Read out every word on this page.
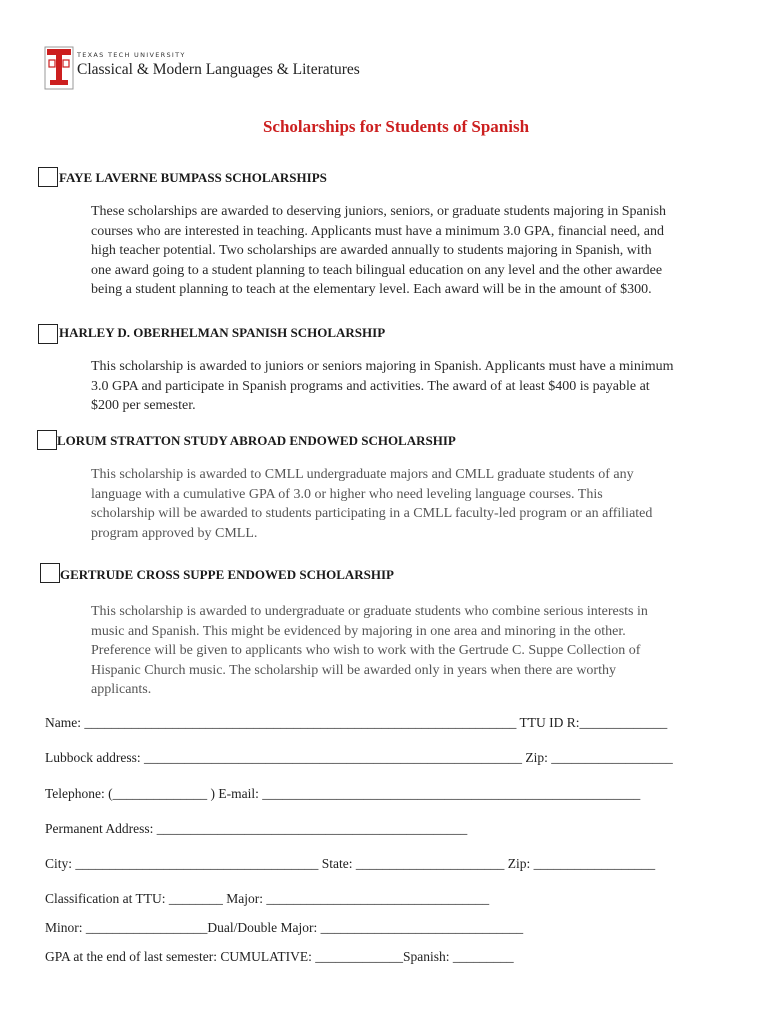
TEXAS TECH UNIVERSITY
Classical & Modern Languages & Literatures
Scholarships for Students of Spanish
FAYE LAVERNE BUMPASS SCHOLARSHIPS
These scholarships are awarded to deserving juniors, seniors, or graduate students majoring in Spanish
courses who are interested in teaching. Applicants must have a minimum 3.0 GPA, financial need, and
high teacher potential. Two scholarships are awarded annually to students majoring in Spanish, with
one award going to a student planning to teach bilingual education on any level and the other awardee
being a student planning to teach at the elementary level. Each award will be in the amount of $300.
HARLEY D. OBERHELMAN SPANISH SCHOLARSHIP
This scholarship is awarded to juniors or seniors majoring in Spanish. Applicants must have a minimum
3.0 GPA and participate in Spanish programs and activities. The award of at least $400 is payable at
$200 per semester.
LORUM STRATTON STUDY ABROAD ENDOWED SCHOLARSHIP
This scholarship is awarded to CMLL undergraduate majors and CMLL graduate students of any
language with a cumulative GPA of 3.0 or higher who need leveling language courses. This
scholarship will be awarded to students participating in a CMLL faculty-led program or an affiliated
program approved by CMLL.
GERTRUDE CROSS SUPPE ENDOWED SCHOLARSHIP
This scholarship is awarded to undergraduate or graduate students who combine serious interests in
music and Spanish. This might be evidenced by majoring in one area and minoring in the other.
Preference will be given to applicants who wish to work with the Gertrude C. Suppe Collection of
Hispanic Church music. The scholarship will be awarded only in years when there are worthy
applicants.
Name: ________________________________________________________________ TTU ID R:_____________
Lubbock address: ________________________________________________________ Zip: __________________
Telephone: (______________ ) E-mail: ________________________________________________________
Permanent Address: ______________________________________________
City: ____________________________________ State: ______________________ Zip: __________________
Classification at TTU: ________ Major: _________________________________
Minor: __________________Dual/Double Major: ______________________________
GPA at the end of last semester: CUMULATIVE: _____________Spanish: _________
